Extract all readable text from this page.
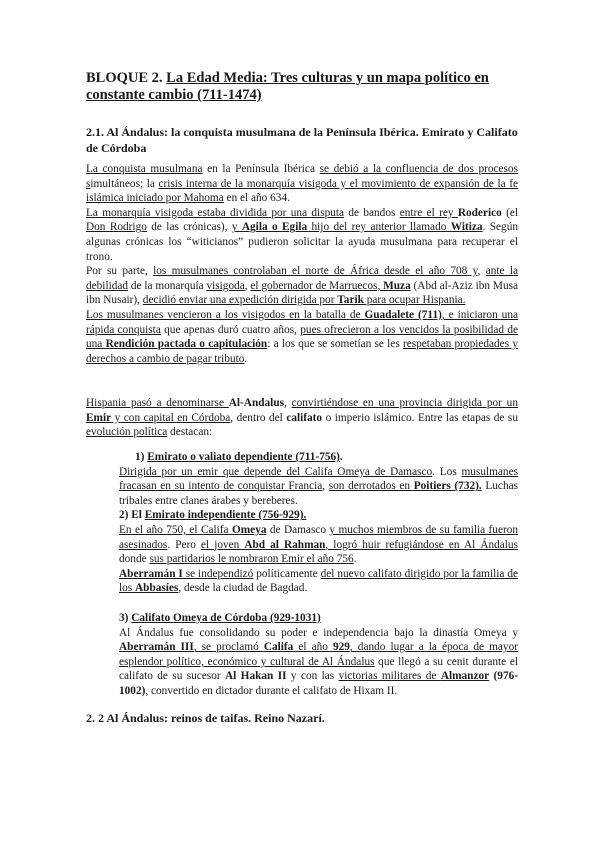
BLOQUE 2. La Edad Media: Tres culturas y un mapa político en constante cambio (711-1474)
2.1. Al Ándalus: la conquista musulmana de la Península Ibérica. Emirato y Califato de Córdoba

La conquista musulmana en la Península Ibérica se debió a la confluencia de dos procesos simultáneos; la crisis interna de la monarquía visigoda y el movimiento de expansión de la fe islámica iniciado por Mahoma en el año 634.

La monarquía visigoda estaba dividida por una disputa de bandos entre el rey Roderico (el Don Rodrigo de las crónicas), y Agila o Egila hijo del rey anterior llamado Witiza. Según algunas crónicas los “witicianos” pudieron solicitar la ayuda musulmana para recuperar el trono.

Por su parte, los musulmanes controlaban el norte de África desde el año 708 y, ante la debilidad de la monarquía visigoda, el gobernador de Marruecos, Muza (Abd al-Aziz ibn Musa ibn Nusair), decidió enviar una expedición dirigida por Tarik para ocupar Hispania.

Los musulmanes vencieron a los visigodos en la batalla de Guadalete (711), e iniciaron una rápida conquista que apenas duró cuatro años, pues ofrecieron a los vencidos la posibilidad de una Rendición pactada o capitulación: a los que se sometían se les respetaban propiedades y derechos a cambio de pagar tributo.

Hispania pasó a denominarse Al-Andalus, convirtiéndose en una provincia dirigida por un Emir y con capital en Córdoba, dentro del califato o imperio islámico. Entre las etapas de su evolución política destacan:

1) Emirato o valiato dependiente (711-756).

Dirigida por un emir que depende del Califa Omeya de Damasco. Los musulmanes fracasan en su intento de conquistar Francia, son derrotados en Poitiers (732). Luchas tribales entre clanes árabes y bereberes.

2) El Emirato independiente (756-929).

En el año 750, el Califa Omeya de Damasco y muchos miembros de su familia fueron asesinados. Pero el joven Abd al Rahman, logró huir refugiándose en Al Ándalus donde sus partidarios le nombraron Emir el año 756.

Aberramán I se independizó políticamente del nuevo califato dirigido por la familia de los Abbasíes, desde la ciudad de Bagdad.

3) Califato Omeya de Córdoba (929-1031)

Al Ándalus fue consolidando su poder e independencia bajo la dinastía Omeya y Aberramán III, se proclamó Califa el año 929, dando lugar a la época de mayor esplendor político, económico y cultural de Al Ándalus que llegó a su cenit durante el califato de su sucesor Al Hakan II y con las victorias militares de Almanzor (976-1002), convertido en dictador durante el califato de Hixam II.

2. 2 Al Ándalus: reinos de taifas. Reino Nazarí.
